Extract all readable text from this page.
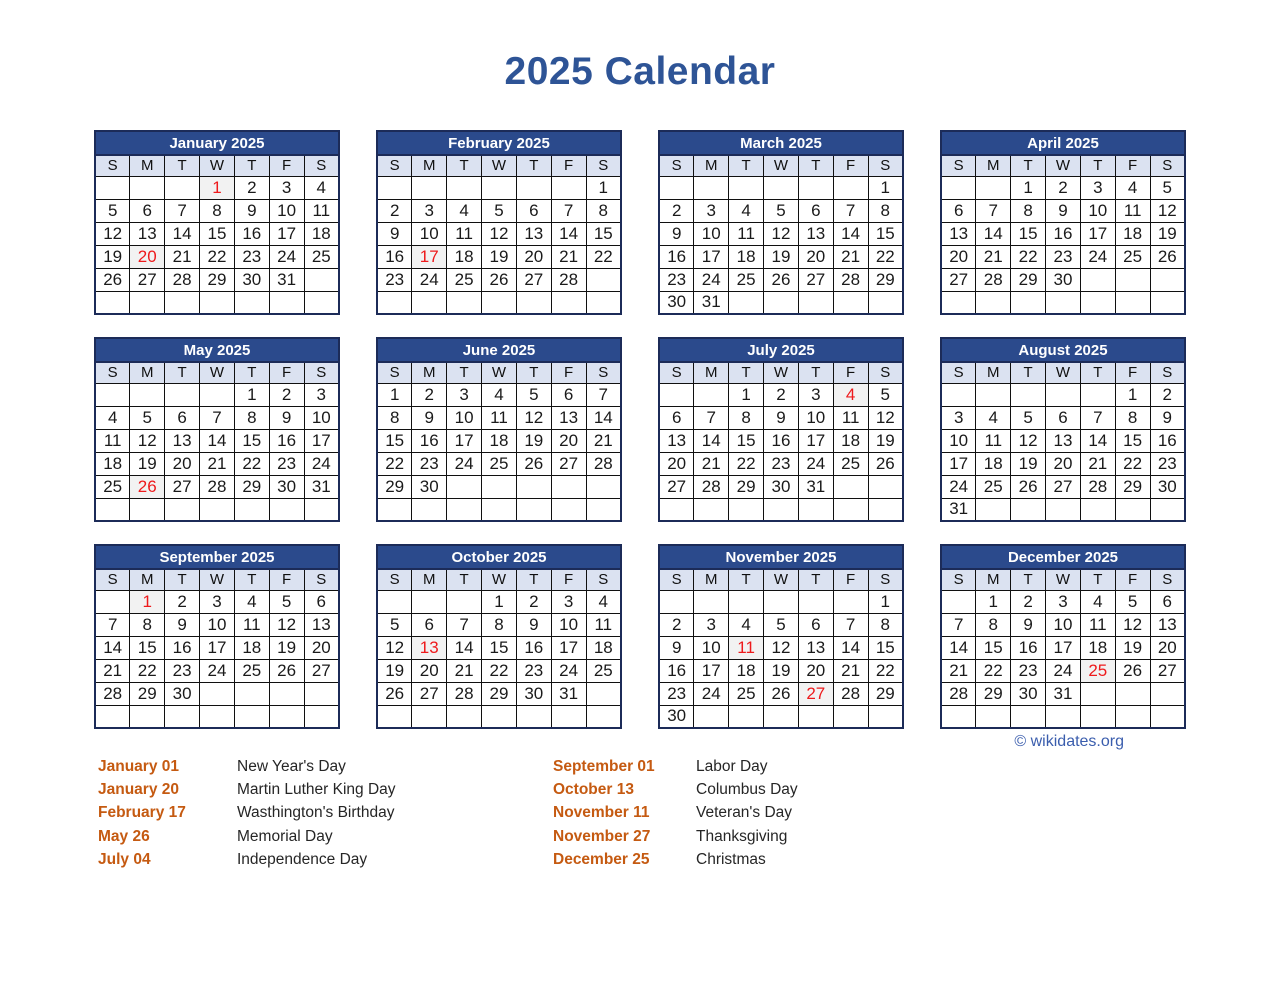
2025 Calendar
January 2025						
S	M	T	W	T	F	S
			1	2	3	4
5	6	7	8	9	10	11
12	13	14	15	16	17	18
19	20	21	22	23	24	25
26	27	28	29	30	31	

February 2025						
S	M	T	W	T	F	S
						1
2	3	4	5	6	7	8
9	10	11	12	13	14	15
16	17	18	19	20	21	22
23	24	25	26	27	28	

March 2025						
S	M	T	W	T	F	S
						1
2	3	4	5	6	7	8
9	10	11	12	13	14	15
16	17	18	19	20	21	22
23	24	25	26	27	28	29
30	31					
April 2025						
S	M	T	W	T	F	S
		1	2	3	4	5
6	7	8	9	10	11	12
13	14	15	16	17	18	19
20	21	22	23	24	25	26
27	28	29	30			

May 2025						
S	M	T	W	T	F	S
				1	2	3
4	5	6	7	8	9	10
11	12	13	14	15	16	17
18	19	20	21	22	23	24
25	26	27	28	29	30	31

June 2025						
S	M	T	W	T	F	S
1	2	3	4	5	6	7
8	9	10	11	12	13	14
15	16	17	18	19	20	21
22	23	24	25	26	27	28
29	30					

July 2025						
S	M	T	W	T	F	S
		1	2	3	4	5
6	7	8	9	10	11	12
13	14	15	16	17	18	19
20	21	22	23	24	25	26
27	28	29	30	31		

August 2025						
S	M	T	W	T	F	S
					1	2
3	4	5	6	7	8	9
10	11	12	13	14	15	16
17	18	19	20	21	22	23
24	25	26	27	28	29	30
31						
September 2025						
S	M	T	W	T	F	S
	1	2	3	4	5	6
7	8	9	10	11	12	13
14	15	16	17	18	19	20
21	22	23	24	25	26	27
28	29	30				

October 2025						
S	M	T	W	T	F	S
			1	2	3	4
5	6	7	8	9	10	11
12	13	14	15	16	17	18
19	20	21	22	23	24	25
26	27	28	29	30	31	

November 2025						
S	M	T	W	T	F	S
						1
2	3	4	5	6	7	8
9	10	11	12	13	14	15
16	17	18	19	20	21	22
23	24	25	26	27	28	29
30						
December 2025						
S	M	T	W	T	F	S
	1	2	3	4	5	6
7	8	9	10	11	12	13
14	15	16	17	18	19	20
21	22	23	24	25	26	27
28	29	30	31			

© wikidates.org
January 01	New Year's Day
January 20	Martin Luther King Day
February 17	Wasthington's Birthday
May 26	Memorial Day
July 04	Independence Day
September 01	Labor Day
October 13	Columbus Day
November 11	Veteran's Day
November 27	Thanksgiving
December 25	Christmas
